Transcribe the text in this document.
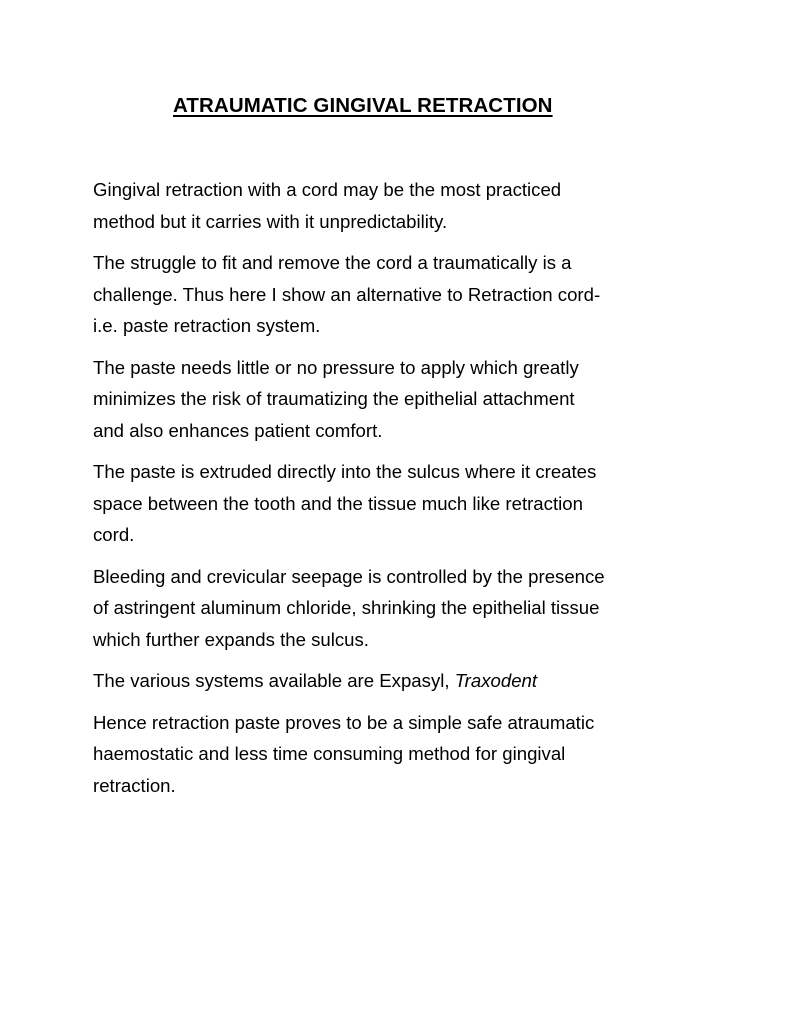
ATRAUMATIC GINGIVAL RETRACTION

Gingival retraction with a cord may be the most practiced
method but it carries with it unpredictability.

The struggle to fit and remove the cord a traumatically is a
challenge. Thus here I show an alternative to Retraction cord-
i.e. paste retraction system.

The paste needs little or no pressure to apply which greatly
minimizes the risk of traumatizing the epithelial attachment
and also enhances patient comfort.

The paste is extruded directly into the sulcus where it creates
space between the tooth and the tissue much like retraction
cord.

Bleeding and crevicular seepage is controlled by the presence
of astringent aluminum chloride, shrinking the epithelial tissue
which further expands the sulcus.

The various systems available are Expasyl, Traxodent

Hence retraction paste proves to be a simple safe atraumatic
haemostatic and less time consuming method for gingival
retraction.
